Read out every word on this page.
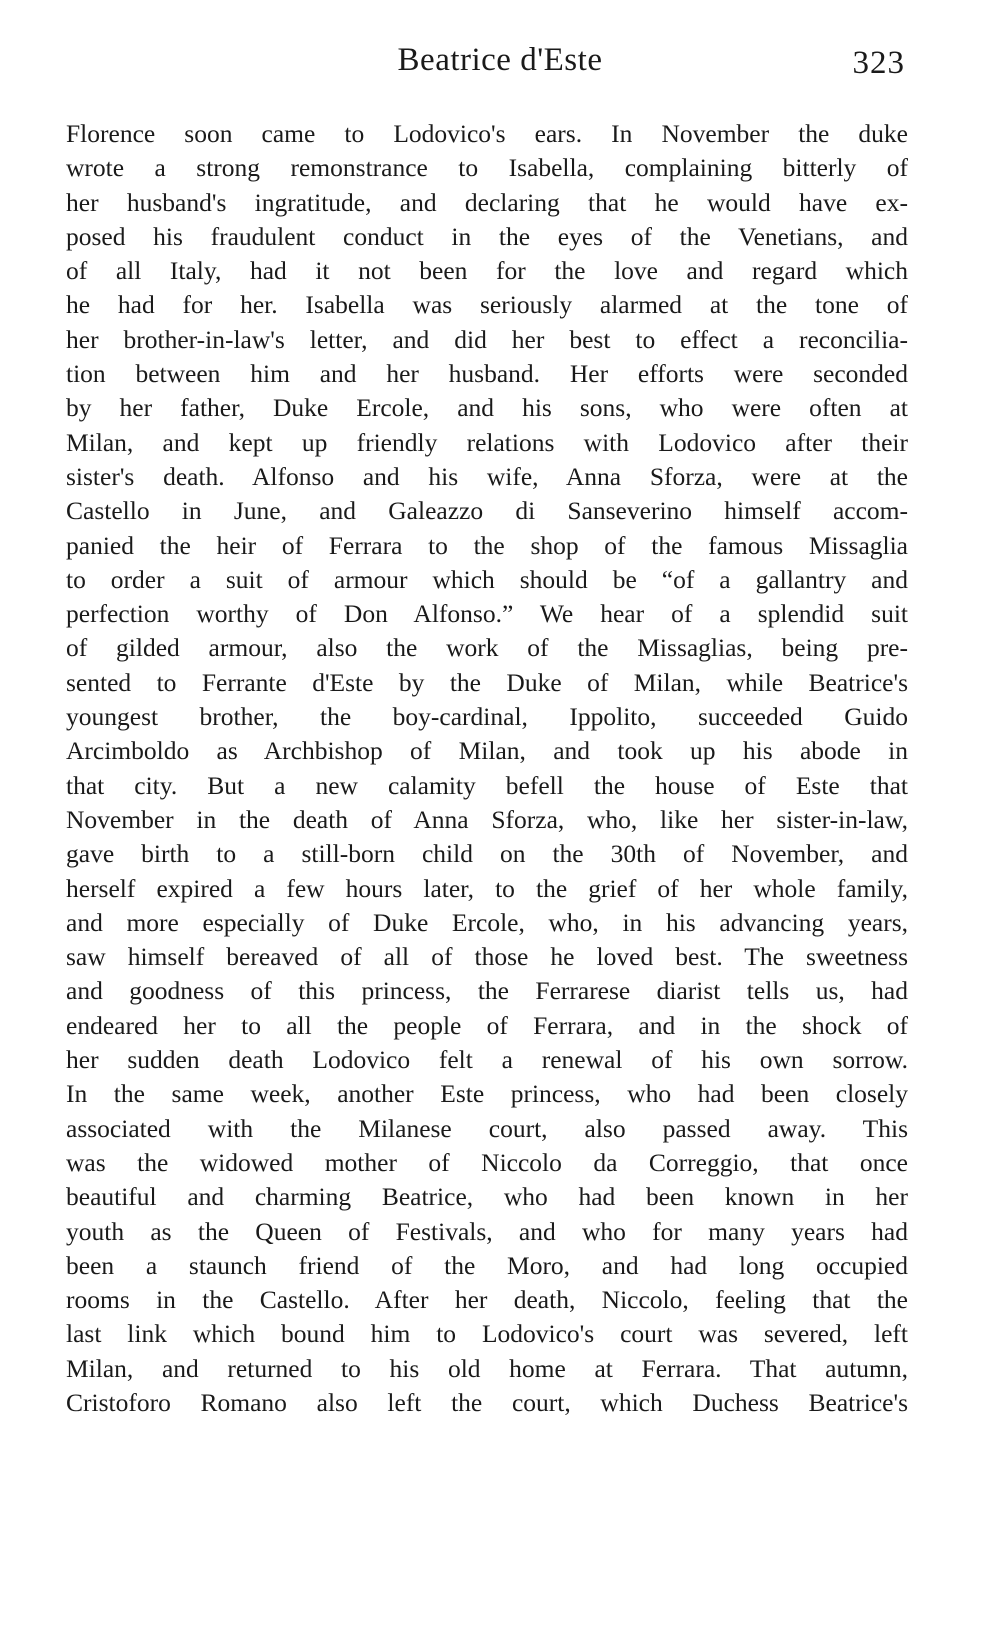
Beatrice d'Este	323
Florence soon came to Lodovico's ears. In November the duke
wrote a strong remonstrance to Isabella, complaining bitterly of
her husband's ingratitude, and declaring that he would have ex-
posed his fraudulent conduct in the eyes of the Venetians, and
of all Italy, had it not been for the love and regard which
he had for her. Isabella was seriously alarmed at the tone of
her brother-in-law's letter, and did her best to effect a reconcilia-
tion between him and her husband. Her efforts were seconded
by her father, Duke Ercole, and his sons, who were often at
Milan, and kept up friendly relations with Lodovico after their
sister's death. Alfonso and his wife, Anna Sforza, were at the
Castello in June, and Galeazzo di Sanseverino himself accom-
panied the heir of Ferrara to the shop of the famous Missaglia
to order a suit of armour which should be “of a gallantry and
perfection worthy of Don Alfonso.” We hear of a splendid suit
of gilded armour, also the work of the Missaglias, being pre-
sented to Ferrante d'Este by the Duke of Milan, while Beatrice's
youngest brother, the boy-cardinal, Ippolito, succeeded Guido
Arcimboldo as Archbishop of Milan, and took up his abode in
that city. But a new calamity befell the house of Este that
November in the death of Anna Sforza, who, like her sister-in-law,
gave birth to a still-born child on the 30th of November, and
herself expired a few hours later, to the grief of her whole family,
and more especially of Duke Ercole, who, in his advancing years,
saw himself bereaved of all of those he loved best. The sweetness
and goodness of this princess, the Ferrarese diarist tells us, had
endeared her to all the people of Ferrara, and in the shock of
her sudden death Lodovico felt a renewal of his own sorrow.
In the same week, another Este princess, who had been closely
associated with the Milanese court, also passed away. This
was the widowed mother of Niccolo da Correggio, that once
beautiful and charming Beatrice, who had been known in her
youth as the Queen of Festivals, and who for many years had
been a staunch friend of the Moro, and had long occupied
rooms in the Castello. After her death, Niccolo, feeling that the
last link which bound him to Lodovico's court was severed, left
Milan, and returned to his old home at Ferrara. That autumn,
Cristoforo Romano also left the court, which Duchess Beatrice's
